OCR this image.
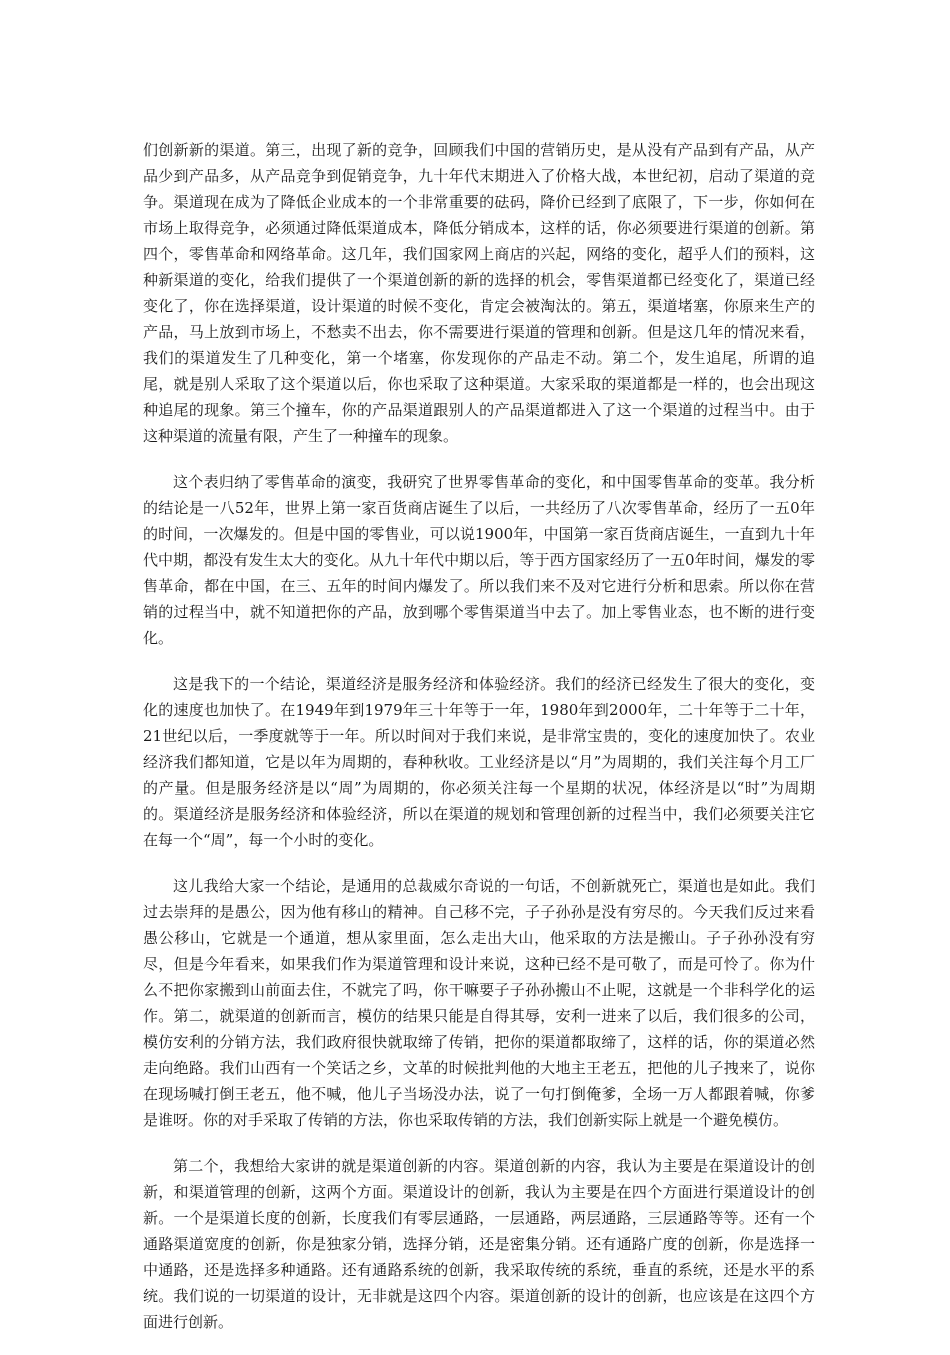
们创新新的渠道。第三，出现了新的竞争，回顾我们中国的营销历史，是从没有产品到有产品，从产品少到产品多，从产品竞争到促销竞争，九十年代末期进入了价格大战，本世纪初，启动了渠道的竞争。渠道现在成为了降低企业成本的一个非常重要的砝码，降价已经到了底限了，下一步，你如何在市场上取得竞争，必须通过降低渠道成本，降低分销成本，这样的话，你必须要进行渠道的创新。第四个，零售革命和网络革命。这几年，我们国家网上商店的兴起，网络的变化，超乎人们的预料，这种新渠道的变化，给我们提供了一个渠道创新的新的选择的机会，零售渠道都已经变化了，渠道已经变化了，你在选择渠道，设计渠道的时候不变化，肯定会被淘汰的。第五，渠道堵塞，你原来生产的产品，马上放到市场上，不愁卖不出去，你不需要进行渠道的管理和创新。但是这几年的情况来看，我们的渠道发生了几种变化，第一个堵塞，你发现你的产品走不动。第二个，发生追尾，所谓的追尾，就是别人采取了这个渠道以后，你也采取了这种渠道。大家采取的渠道都是一样的，也会出现这种追尾的现象。第三个撞车，你的产品渠道跟别人的产品渠道都进入了这一个渠道的过程当中。由于这种渠道的流量有限，产生了一种撞车的现象。

这个表归纳了零售革命的演变，我研究了世界零售革命的变化，和中国零售革命的变革。我分析的结论是一八52年，世界上第一家百货商店诞生了以后，一共经历了八次零售革命，经历了一五0年的时间，一次爆发的。但是中国的零售业，可以说1900年，中国第一家百货商店诞生，一直到九十年代中期，都没有发生太大的变化。从九十年代中期以后，等于西方国家经历了一五0年时间，爆发的零售革命，都在中国，在三、五年的时间内爆发了。所以我们来不及对它进行分析和思索。所以你在营销的过程当中，就不知道把你的产品，放到哪个零售渠道当中去了。加上零售业态，也不断的进行变化。

这是我下的一个结论，渠道经济是服务经济和体验经济。我们的经济已经发生了很大的变化，变化的速度也加快了。在1949年到1979年三十年等于一年，1980年到2000年，二十年等于二十年，21世纪以后，一季度就等于一年。所以时间对于我们来说，是非常宝贵的，变化的速度加快了。农业经济我们都知道，它是以年为周期的，春种秋收。工业经济是以“月”为周期的，我们关注每个月工厂的产量。但是服务经济是以“周”为周期的，你必须关注每一个星期的状况，体经济是以“时”为周期的。渠道经济是服务经济和体验经济，所以在渠道的规划和管理创新的过程当中，我们必须要关注它在每一个“周”，每一个小时的变化。

这儿我给大家一个结论，是通用的总裁威尔奇说的一句话，不创新就死亡，渠道也是如此。我们过去崇拜的是愚公，因为他有移山的精神。自己移不完，子子孙孙是没有穷尽的。今天我们反过来看愚公移山，它就是一个通道，想从家里面，怎么走出大山，他采取的方法是搬山。子子孙孙没有穷尽，但是今年看来，如果我们作为渠道管理和设计来说，这种已经不是可敬了，而是可怜了。你为什么不把你家搬到山前面去住，不就完了吗，你干嘛要子子孙孙搬山不止呢，这就是一个非科学化的运作。第二，就渠道的创新而言，模仿的结果只能是自得其辱，安利一进来了以后，我们很多的公司，模仿安利的分销方法，我们政府很快就取缔了传销，把你的渠道都取缔了，这样的话，你的渠道必然走向绝路。我们山西有一个笑话之乡，文革的时候批判他的大地主王老五，把他的儿子拽来了，说你在现场喊打倒王老五，他不喊，他儿子当场没办法，说了一句打倒俺爹，全场一万人都跟着喊，你爹是谁呀。你的对手采取了传销的方法，你也采取传销的方法，我们创新实际上就是一个避免模仿。

第二个，我想给大家讲的就是渠道创新的内容。渠道创新的内容，我认为主要是在渠道设计的创新，和渠道管理的创新，这两个方面。渠道设计的创新，我认为主要是在四个方面进行渠道设计的创新。一个是渠道长度的创新，长度我们有零层通路，一层通路，两层通路，三层通路等等。还有一个通路渠道宽度的创新，你是独家分销，选择分销，还是密集分销。还有通路广度的创新，你是选择一中通路，还是选择多种通路。还有通路系统的创新，我采取传统的系统，垂直的系统，还是水平的系统。我们说的一切渠道的设计，无非就是这四个内容。渠道创新的设计的创新，也应该是在这四个方面进行创新。
